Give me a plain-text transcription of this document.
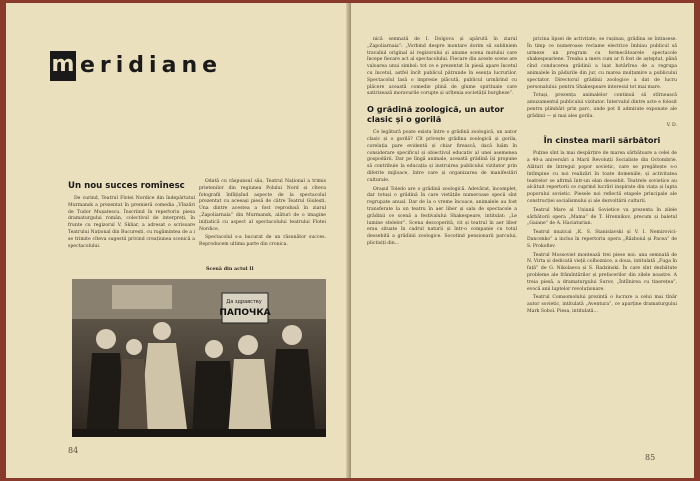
m eridiane
Un nou succes romînesc

De curind, Teatrul Flotei Nordice din îndepărtatul Murmansk a prezentat în premieră comedia „Vînzări de Tudor Mușatescu. Înscriind în repertoriu piesa dramaturgului român, colectivul de interpreți, în frunte cu regizorul V. Skliar, a adresat o scrisoare Teatrului Național din București, cu rugămintea de a i se trimite cîteva sugestii privind creațiunea scenică a spectacolului.

Odată cu răspunsul său, Teatrul Național a trimis prietenilor din regiunea Polului Nord și cîteva fotografii înfățișînd aspecte de la spectacolul prezentat cu aceeași piesă de către Teatrul Giulești. Una dintre acestea a fost reprodusă în ziarul „Zapoliarnaia” din Murmansk, alături de o imagine inițiatică cu aspect al spectacolului teatrului Flotei Nordice.

Spectacolul s-a bucurat de un răsunător succes. Reproducem ultima parte din cronica.

Scenă din actul II
Да здравству
ПАПОЧКА
84

nică semnată de I. Dolgova și apărută în ziarul „Zapoliarnaia”: „Vorbind despre montare dorim să subliniem travaliul original al regizorului și anume scena mutului care începe fiecare act al spectacolului. Fiecare din aceste scene are valoarea unui simbol: tot ce e prezentat în piesă apare încetul cu încetul, astfel încît publicul pătrunde în esența lucrurilor. Spectacolul lasă o impresie plăcută, publicul urmărind cu plăcere această comedie plină de glume spirituale care satirizează moravurile corupte și urîțenia societății burgheze”.

O grădină zoologică, un autor clasic și o gorilă

Ce legătură poate exista între o grădină zoologică, un autor clasic și o gorilă? Cît privește grădina zoologică și gorila, corelația pare evidentă și chiar firească, dacă luăm în considerare specificul și obiectivul educativ al unei asemenea gospodării. Dar pe lîngă animale, această grădină își propune să contribuie la educația și instruirea publicului vizitator prin diferite mijloace, între care și organizarea de manifestări culturale.

Orașul Toledo are o grădină zoologică. Adevărat, încomplet, dar totuși o grădină în care vietățile numeroase specii sînt regrupate anual. Dar de la o vreme încoace, animalele au fost transferate la un teatru în aer liber și sala de spectacole a grădinii ce scenă a festivalului Shakespeare, intitulat: „Le lumine stelelor”. Scena descoperită, cit și teatrul în aer liber erau situate în cadrul naturii și într-o companie cu totul deosebită a grădinii zoologice. Socotind pensionarii parcului, plictisiți din...

pricina lipsei de activitate, se rușinau, grădina se întinsese. În timp ce numeroase reclame electrice îmbiau publicul să urmeze un program cu fermecătoarele spectacole shakespeariene. Treaba a mers cum ar fi fost de așteptat, până cînd conducerea grădinii a luat hotărîrea de a regrupa animalele în pădurile din jur, cu marea mulțumire a publicului spectator. Directorul grădinii zoologice a dat de lucru personalului: pentru Shakespeare interesul tot mai mare.

Totuși, prezența animalelor continuă să stîrnească amuzamentul publicului vizitator. Intervalul dintre acte e folosit pentru plimbări prin parc, unde pot fi admirate exponate ale grădinii — și mai ales gorila.

V. D.
În cinstea marii sărbători

Puține sînt la mai despărțire de marea sărbătoare a celei de a 40-a aniversări a Marii Revoluții Socialiste din Octombrie. Alături de întregul popor sovietic, care se pregătește s-o întîmpine cu noi realizări în toate domeniile, și activitatea teatrelor se afirmă într-un elan deosebit. Teatrele sovietice au alcătuit repertorii ce cuprind lucrări inspirate din viața și lupta poporului sovietic. Piesele noi reflectă etapele principale ale construcției socialismului și ale dezvoltării culturii.

Teatrul Mare al Uniunii Sovietice va prezenta în zilele sărbătorii opera „Mama” de T. Hrennikov, precum și baletul „Gaiane” de A. Haciaturian.

Teatrul muzical „K. S. Stanislavski și V. I. Nemirovici-Dancenko” a inclus în repertoriu opera „Războiul și Pacea” de S. Prokofiev.

Teatrul Mossoviet montează trei piese noi: una semnată de N. Virta și dedicată vieții colhoznice, a doua, intitulată „Fuga în față” de G. Nikolaeva și S. Radzinski. În care sînt dezbătute probleme ale frămîntărilor și prefacerilor din zilele noastre. A treia piesă, a dramaturgului Surov, „Întîlnirea cu tinerețea”, evocă anii luptelor revoluționare.

Teatrul Comsomolului prezintă o lucrare a celui mai tînăr autor sovietic, intitulată „Aventura”, ce aparține dramaturgului Mark Sobol. Piesa, intitulată...

85
